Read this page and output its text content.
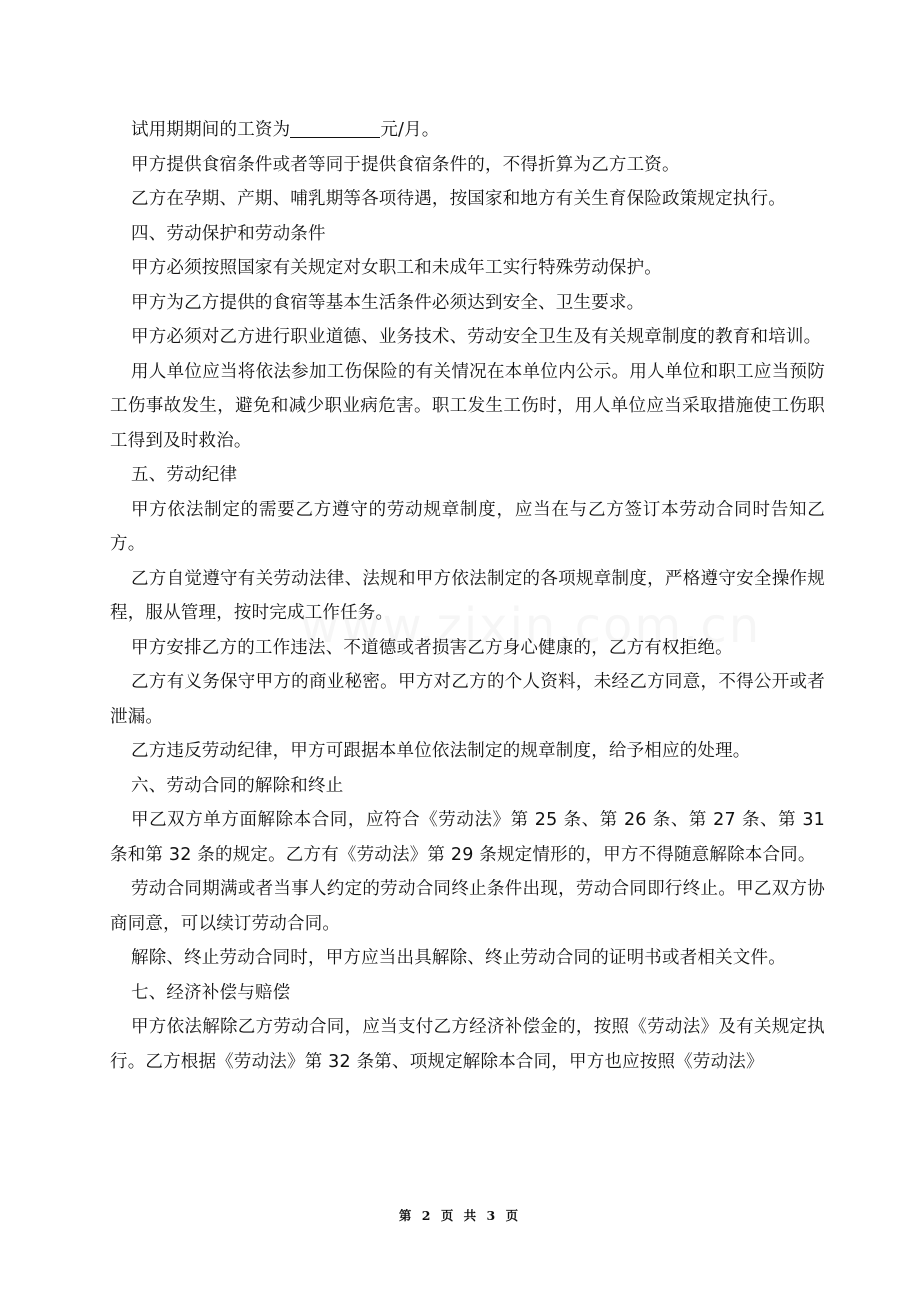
试用期期间的工资为	元/月。

甲方提供食宿条件或者等同于提供食宿条件的，不得折算为乙方工资。

乙方在孕期、产期、哺乳期等各项待遇，按国家和地方有关生育保险政策规定执行。

四、劳动保护和劳动条件

甲方必须按照国家有关规定对女职工和未成年工实行特殊劳动保护。

甲方为乙方提供的食宿等基本生活条件必须达到安全、卫生要求。

甲方必须对乙方进行职业道德、业务技术、劳动安全卫生及有关规章制度的教育和培训。

用人单位应当将依法参加工伤保险的有关情况在本单位内公示。用人单位和职工应当预防工伤事故发生，避免和减少职业病危害。职工发生工伤时，用人单位应当采取措施使工伤职工得到及时救治。

五、劳动纪律

甲方依法制定的需要乙方遵守的劳动规章制度，应当在与乙方签订本劳动合同时告知乙方。

乙方自觉遵守有关劳动法律、法规和甲方依法制定的各项规章制度，严格遵守安全操作规程，服从管理，按时完成工作任务。

甲方安排乙方的工作违法、不道德或者损害乙方身心健康的，乙方有权拒绝。

乙方有义务保守甲方的商业秘密。甲方对乙方的个人资料，未经乙方同意，不得公开或者泄漏。

乙方违反劳动纪律，甲方可跟据本单位依法制定的规章制度，给予相应的处理。

六、劳动合同的解除和终止

甲乙双方单方面解除本合同，应符合《劳动法》第 25 条、第 26 条、第 27 条、第 31 条和第 32 条的规定。乙方有《劳动法》第 29 条规定情形的，甲方不得随意解除本合同。

劳动合同期满或者当事人约定的劳动合同终止条件出现，劳动合同即行终止。甲乙双方协商同意，可以续订劳动合同。

解除、终止劳动合同时，甲方应当出具解除、终止劳动合同的证明书或者相关文件。

七、经济补偿与赔偿

甲方依法解除乙方劳动合同，应当支付乙方经济补偿金的，按照《劳动法》及有关规定执行。乙方根据《劳动法》第 32 条第、项规定解除本合同，甲方也应按照《劳动法》

第 2 页 共 3 页
